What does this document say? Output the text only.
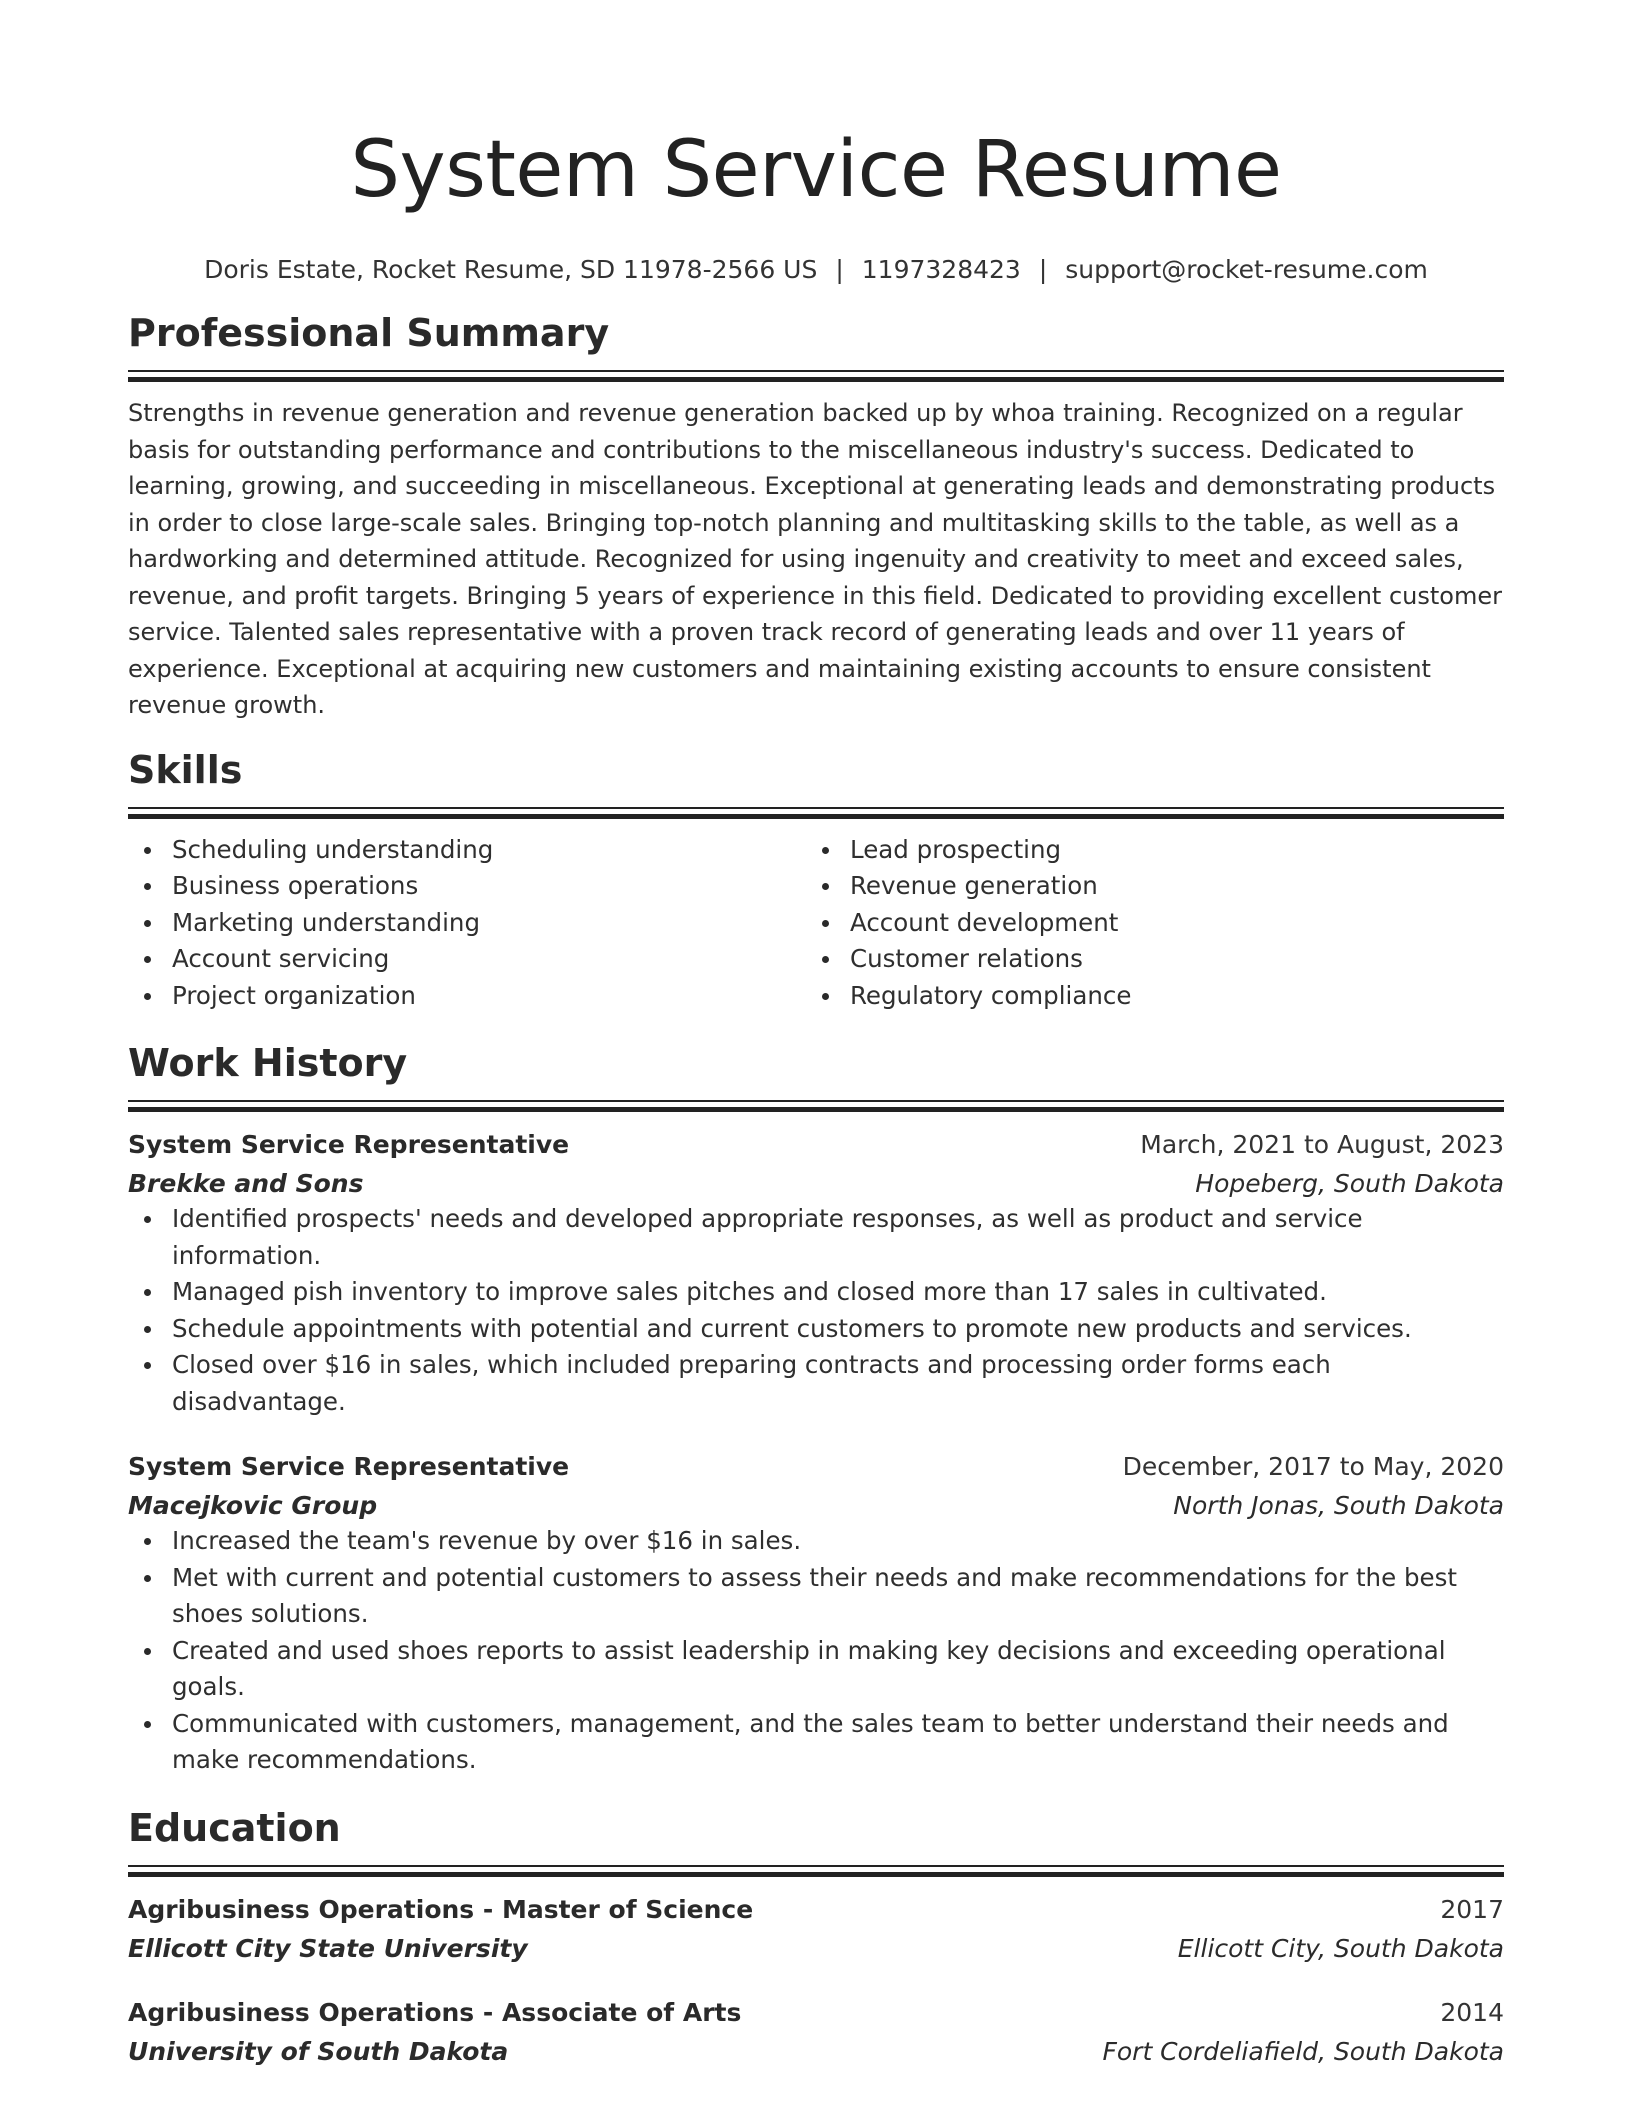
System Service Resume
Doris Estate, Rocket Resume, SD 11978-2566 US | 1197328423 | support@rocket-resume.com
Professional Summary
Strengths in revenue generation and revenue generation backed up by whoa training. Recognized on a regular basis for outstanding performance and contributions to the miscellaneous industry's success. Dedicated to learning, growing, and succeeding in miscellaneous. Exceptional at generating leads and demonstrating products in order to close large-scale sales. Bringing top-notch planning and multitasking skills to the table, as well as a hardworking and determined attitude. Recognized for using ingenuity and creativity to meet and exceed sales, revenue, and profit targets. Bringing 5 years of experience in this field. Dedicated to providing excellent customer service. Talented sales representative with a proven track record of generating leads and over 11 years of experience. Exceptional at acquiring new customers and maintaining existing accounts to ensure consistent revenue growth.
Skills
Scheduling understanding
Business operations
Marketing understanding
Account servicing
Project organization
Lead prospecting
Revenue generation
Account development
Customer relations
Regulatory compliance
Work History
System Service Representative	March, 2021 to August, 2023
Brekke and Sons	Hopeberg, South Dakota
Identified prospects' needs and developed appropriate responses, as well as product and service information.
Managed pish inventory to improve sales pitches and closed more than 17 sales in cultivated.
Schedule appointments with potential and current customers to promote new products and services.
Closed over $16 in sales, which included preparing contracts and processing order forms each disadvantage.
System Service Representative	December, 2017 to May, 2020
Macejkovic Group	North Jonas, South Dakota
Increased the team's revenue by over $16 in sales.
Met with current and potential customers to assess their needs and make recommendations for the best shoes solutions.
Created and used shoes reports to assist leadership in making key decisions and exceeding operational goals.
Communicated with customers, management, and the sales team to better understand their needs and make recommendations.
Education
Agribusiness Operations - Master of Science	2017
Ellicott City State University	Ellicott City, South Dakota
Agribusiness Operations - Associate of Arts	2014
University of South Dakota	Fort Cordeliafield, South Dakota
